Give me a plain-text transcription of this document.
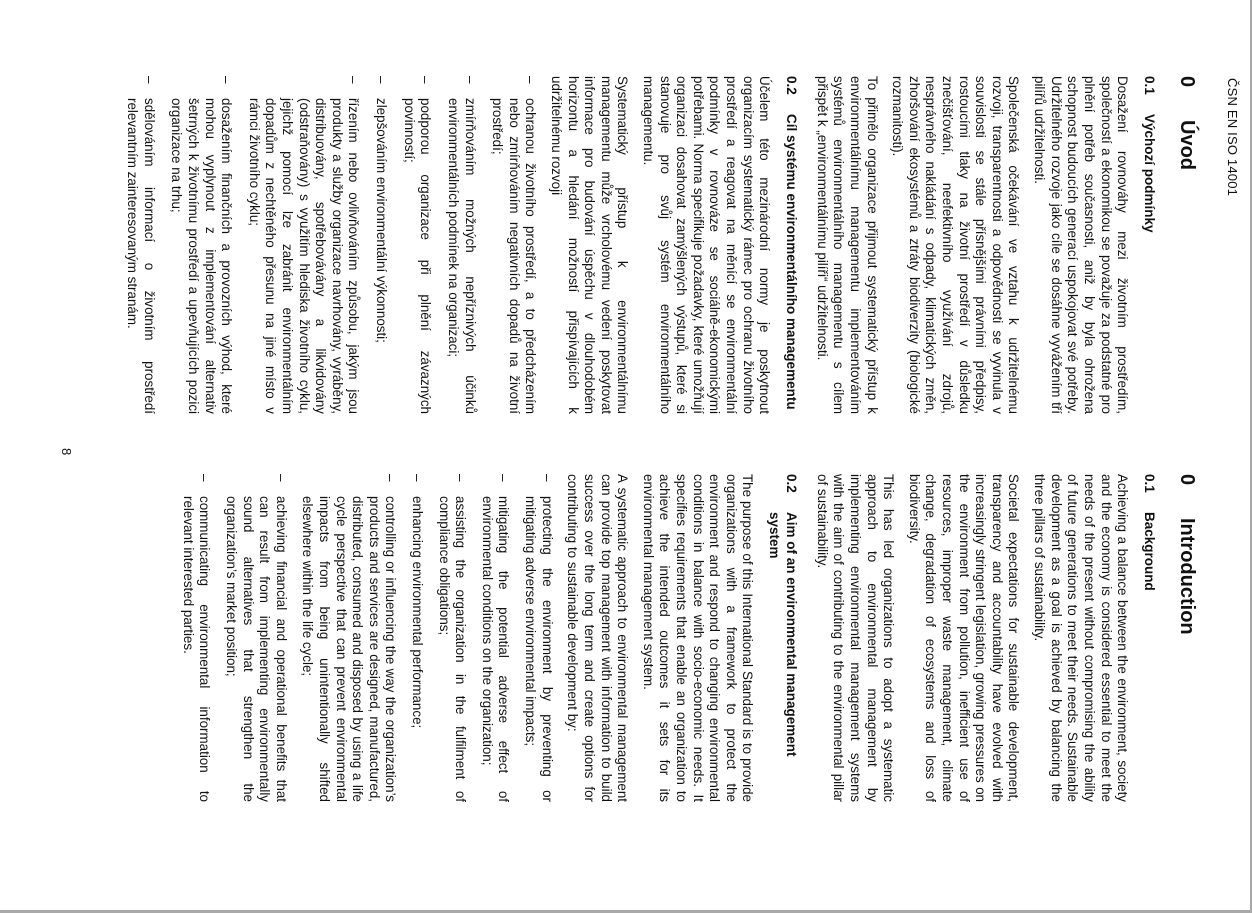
ČSN EN ISO 14001
0
Úvod
0.1
Výchozí podmínky

Dosažení rovnováhy mezi životním prostředím, společností a ekonomikou se považuje za podstatné pro plnění potřeb současnosti, aniž by byla ohrožena schopnost budoucích generací uspokojovat své potřeby. Udržitelného rozvoje jako cíle se dosáhne vyvážením tří pilířů udržitelnosti.

Společenská očekávání ve vztahu k udržitelnému rozvoji, transparentnosti a odpovědnosti se vyvinula v souvislosti se stále přísnějšími právními předpisy, rostoucími tlaky na životní prostředí v důsledku znečišťování, neefektivního využívání zdrojů, nesprávného nakládání s odpady, klimatických změn, zhoršování ekosystémů a ztráty biodiverzity (biologické rozmanitosti).

To přimělo organizace přijmout systematický přístup k environmentálnímu managementu implementováním systémů environmentálního managementu s cílem přispět k „environmentálnímu pilíři“ udržitelnosti.

0.2
Cíl systému environmentálního managementu

Účelem této mezinárodní normy je poskytnout organizacím systematický rámec pro ochranu životního prostředí a reagovat na měnící se environmentální podmínky v rovnováze se sociálně-ekonomickými potřebami. Norma specifikuje požadavky, které umožňují organizaci dosahovat zamýšlených výstupů, které si stanovuje pro svůj systém environmentálního managementu.

Systematický přístup k environmentálnímu managementu může vrcholovému vedení poskytovat informace pro budování úspěchu v dlouhodobém horizontu a hledání možností přispívajících k udržitelnému rozvoji

–
ochranou životního prostředí, a to předcházením nebo zmírňováním negativních dopadů na životní prostředí;
–
zmírňováním možných nepříznivých účinků environmentálních podmínek na organizaci;
–
podporou organizace při plnění závazných povinností;
–
zlepšováním environmentální výkonnosti;
–
řízením nebo ovlivňováním způsobu, jakým jsou produkty a služby organizace navrhovány, vyráběny, distribuovány, spotřebovávány a likvidovány (odstraňovány) s využitím hlediska životního cyklu, jejichž pomocí lze zabránit environmentálním dopadům z nechtěného přesunu na jiné místo v rámci životního cyklu;
–
dosažením finančních a provozních výhod, které mohou vyplynout z implementování alternativ šetrných k životnímu prostředí a upevňujících pozici organizace na trhu;
–
sdělováním informací o životním prostředí relevantním zainteresovaným stranám.
0
Introduction
0.1
Background

Achieving a balance between the environment, society and the economy is considered essential to meet the needs of the present without compromising the ability of future generations to meet their needs. Sustainable development as a goal is achieved by balancing the three pillars of sustainability.

Societal expectations for sustainable development, transparency and accountability have evolved with increasingly stringent legislation, growing pressures on the environment from pollution, inefficient use of resources, improper waste management, climate change, degradation of ecosystems and loss of biodiversity.

This has led organizations to adopt a systematic approach to environmental management by implementing environmental management systems with the aim of contributing to the environmental pillar of sustainability.

0.2
Aim of an environmental management system

The purpose of this International Standard is to provide organizations with a framework to protect the environment and respond to changing environmental conditions in balance with socio-economic needs. It specifies requirements that enable an organization to achieve the intended outcomes it sets for its environmental management system.

A systematic approach to environmental management can provide top management with information to build success over the long term and create options for contributing to sustainable development by:

–
protecting the environment by preventing or mitigating adverse environmental impacts;
–
mitigating the potential adverse effect of environmental conditions on the organization;
–
assisting the organization in the fulfilment of compliance obligations;
–
enhancing environmental performance;
–
controlling or influencing the way the organization’s products and services are designed, manufactured, distributed, consumed and disposed by using a life cycle perspective that can prevent environmental impacts from being unintentionally shifted elsewhere within the life cycle;
–
achieving financial and operational benefits that can result from implementing environmentally sound alternatives that strengthen the organization’s market position;
–
communicating environmental information to relevant interested parties.
8
